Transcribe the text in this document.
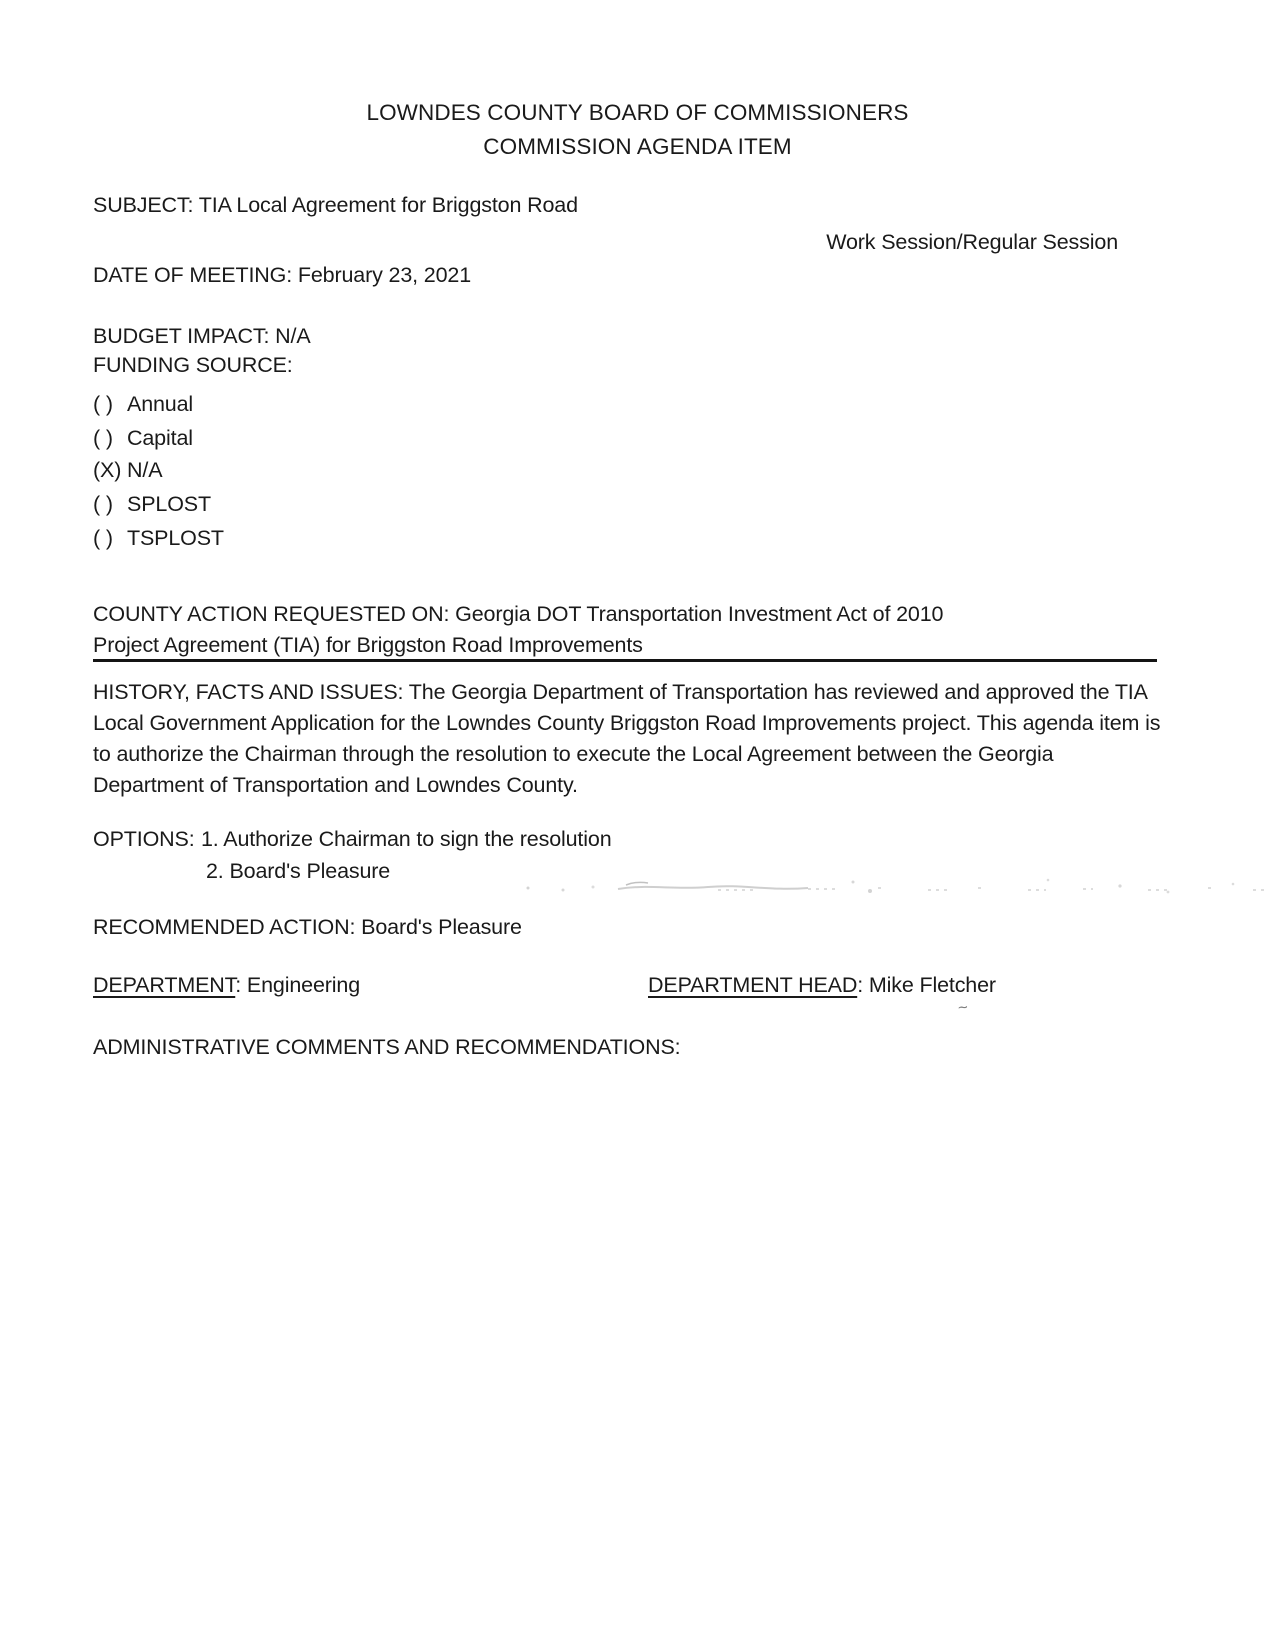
LOWNDES COUNTY BOARD OF COMMISSIONERS
COMMISSION AGENDA ITEM
SUBJECT: TIA Local Agreement for Briggston Road
Work Session/Regular Session
DATE OF MEETING: February 23, 2021
BUDGET IMPACT: N/A
FUNDING SOURCE:
( ) Annual
( ) Capital
(X) N/A
( ) SPLOST
( ) TSPLOST
COUNTY ACTION REQUESTED ON: Georgia DOT Transportation Investment Act of 2010
Project Agreement (TIA) for Briggston Road Improvements
HISTORY, FACTS AND ISSUES: The Georgia Department of Transportation has reviewed and approved the TIA Local Government Application for the Lowndes County Briggston Road Improvements project. This agenda item is to authorize the Chairman through the resolution to execute the Local Agreement between the Georgia Department of Transportation and Lowndes County.
OPTIONS: 1. Authorize Chairman to sign the resolution
2. Board's Pleasure
RECOMMENDED ACTION: Board's Pleasure
DEPARTMENT: Engineering	DEPARTMENT HEAD: Mike Fletcher
ADMINISTRATIVE COMMENTS AND RECOMMENDATIONS:
~
